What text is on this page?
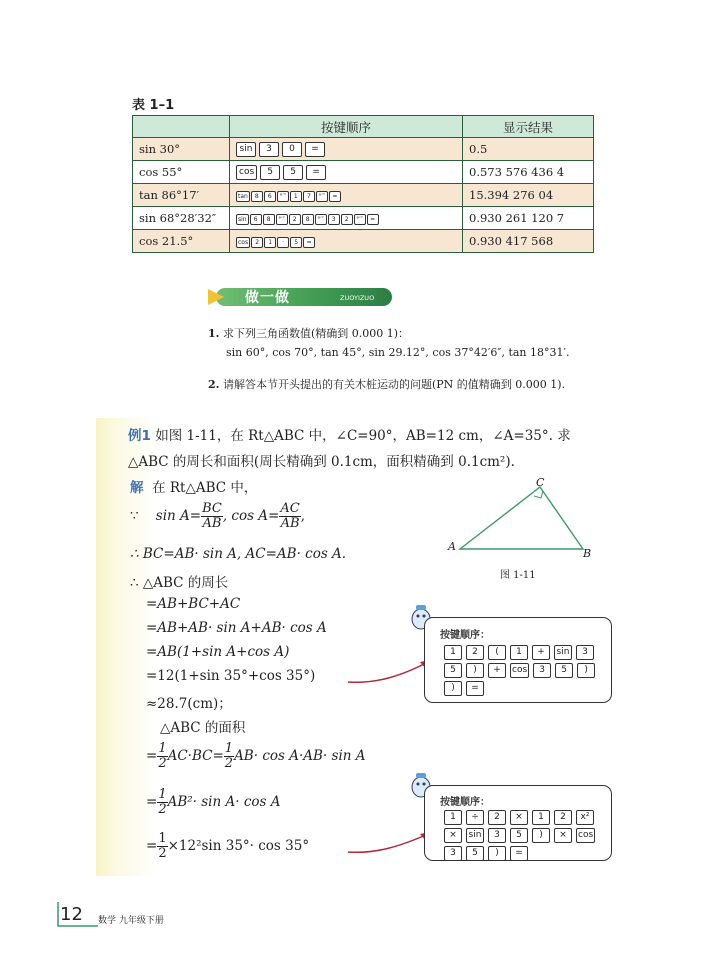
表 1–1
	按键顺序	显示结果
sin 30°	sin 3 0 =	0.5
cos 55°	cos 5 5 =	0.573 576 436 4
tan 86°17′	tan 8 6 °′″ 1 7 °′″ =	15.394 276 04
sin 68°28′32″	sin 6 8 °′″ 2 8 °′″ 3 2 °′″ =	0.930 261 120 7
cos 21.5°	cos 2 1 · 5 =	0.930 417 568
做一做	ZUOYIZUO
1. 求下列三角函数值(精确到 0.000 1)：
sin 60°, cos 70°, tan 45°, sin 29.12°, cos 37°42′6″, tan 18°31′.
2. 请解答本节开头提出的有关木桩运动的问题(PN 的值精确到 0.000 1).
例1 如图 1-11，在 Rt△ABC 中，∠C=90°，AB=12 cm，∠A=35°. 求
△ABC 的周长和面积(周长精确到 0.1cm，面积精确到 0.1cm²).
解 在 Rt△ABC 中，
∵ $\sin A= \frac{BC}{AB}$ , $\cos A= \frac{AC}{AB}$ ,
∴ BC=AB· sin A, AC=AB· cos A.
∴ △ABC 的周长
=AB+BC+AC
=AB+AB· sin A+AB· cos A
=AB(1+sin A+cos A)
=12(1+sin 35°+cos 35°)
≈28.7(cm)；
△ABC 的面积
= $\frac{1}{2} AC\cdot BC= \frac{1}{2} AB\cdot \cos A\cdot AB\cdot \sin A$
= $\frac{1}{2} AB^2\cdot \sin A\cdot \cos A$
= $\frac{1}{2} \times 12^2\sin$ 35°· cos 35°
A
B
C
图 1-11
按键顺序：
1 2 ( 1 + sin 3
5 ) + cos 3 5 )
) =
按键顺序：
1 ÷ 2 × 1 2 x²
× sin 3 5 ) × cos
3 5 ) =
12 数学 九年级下册
